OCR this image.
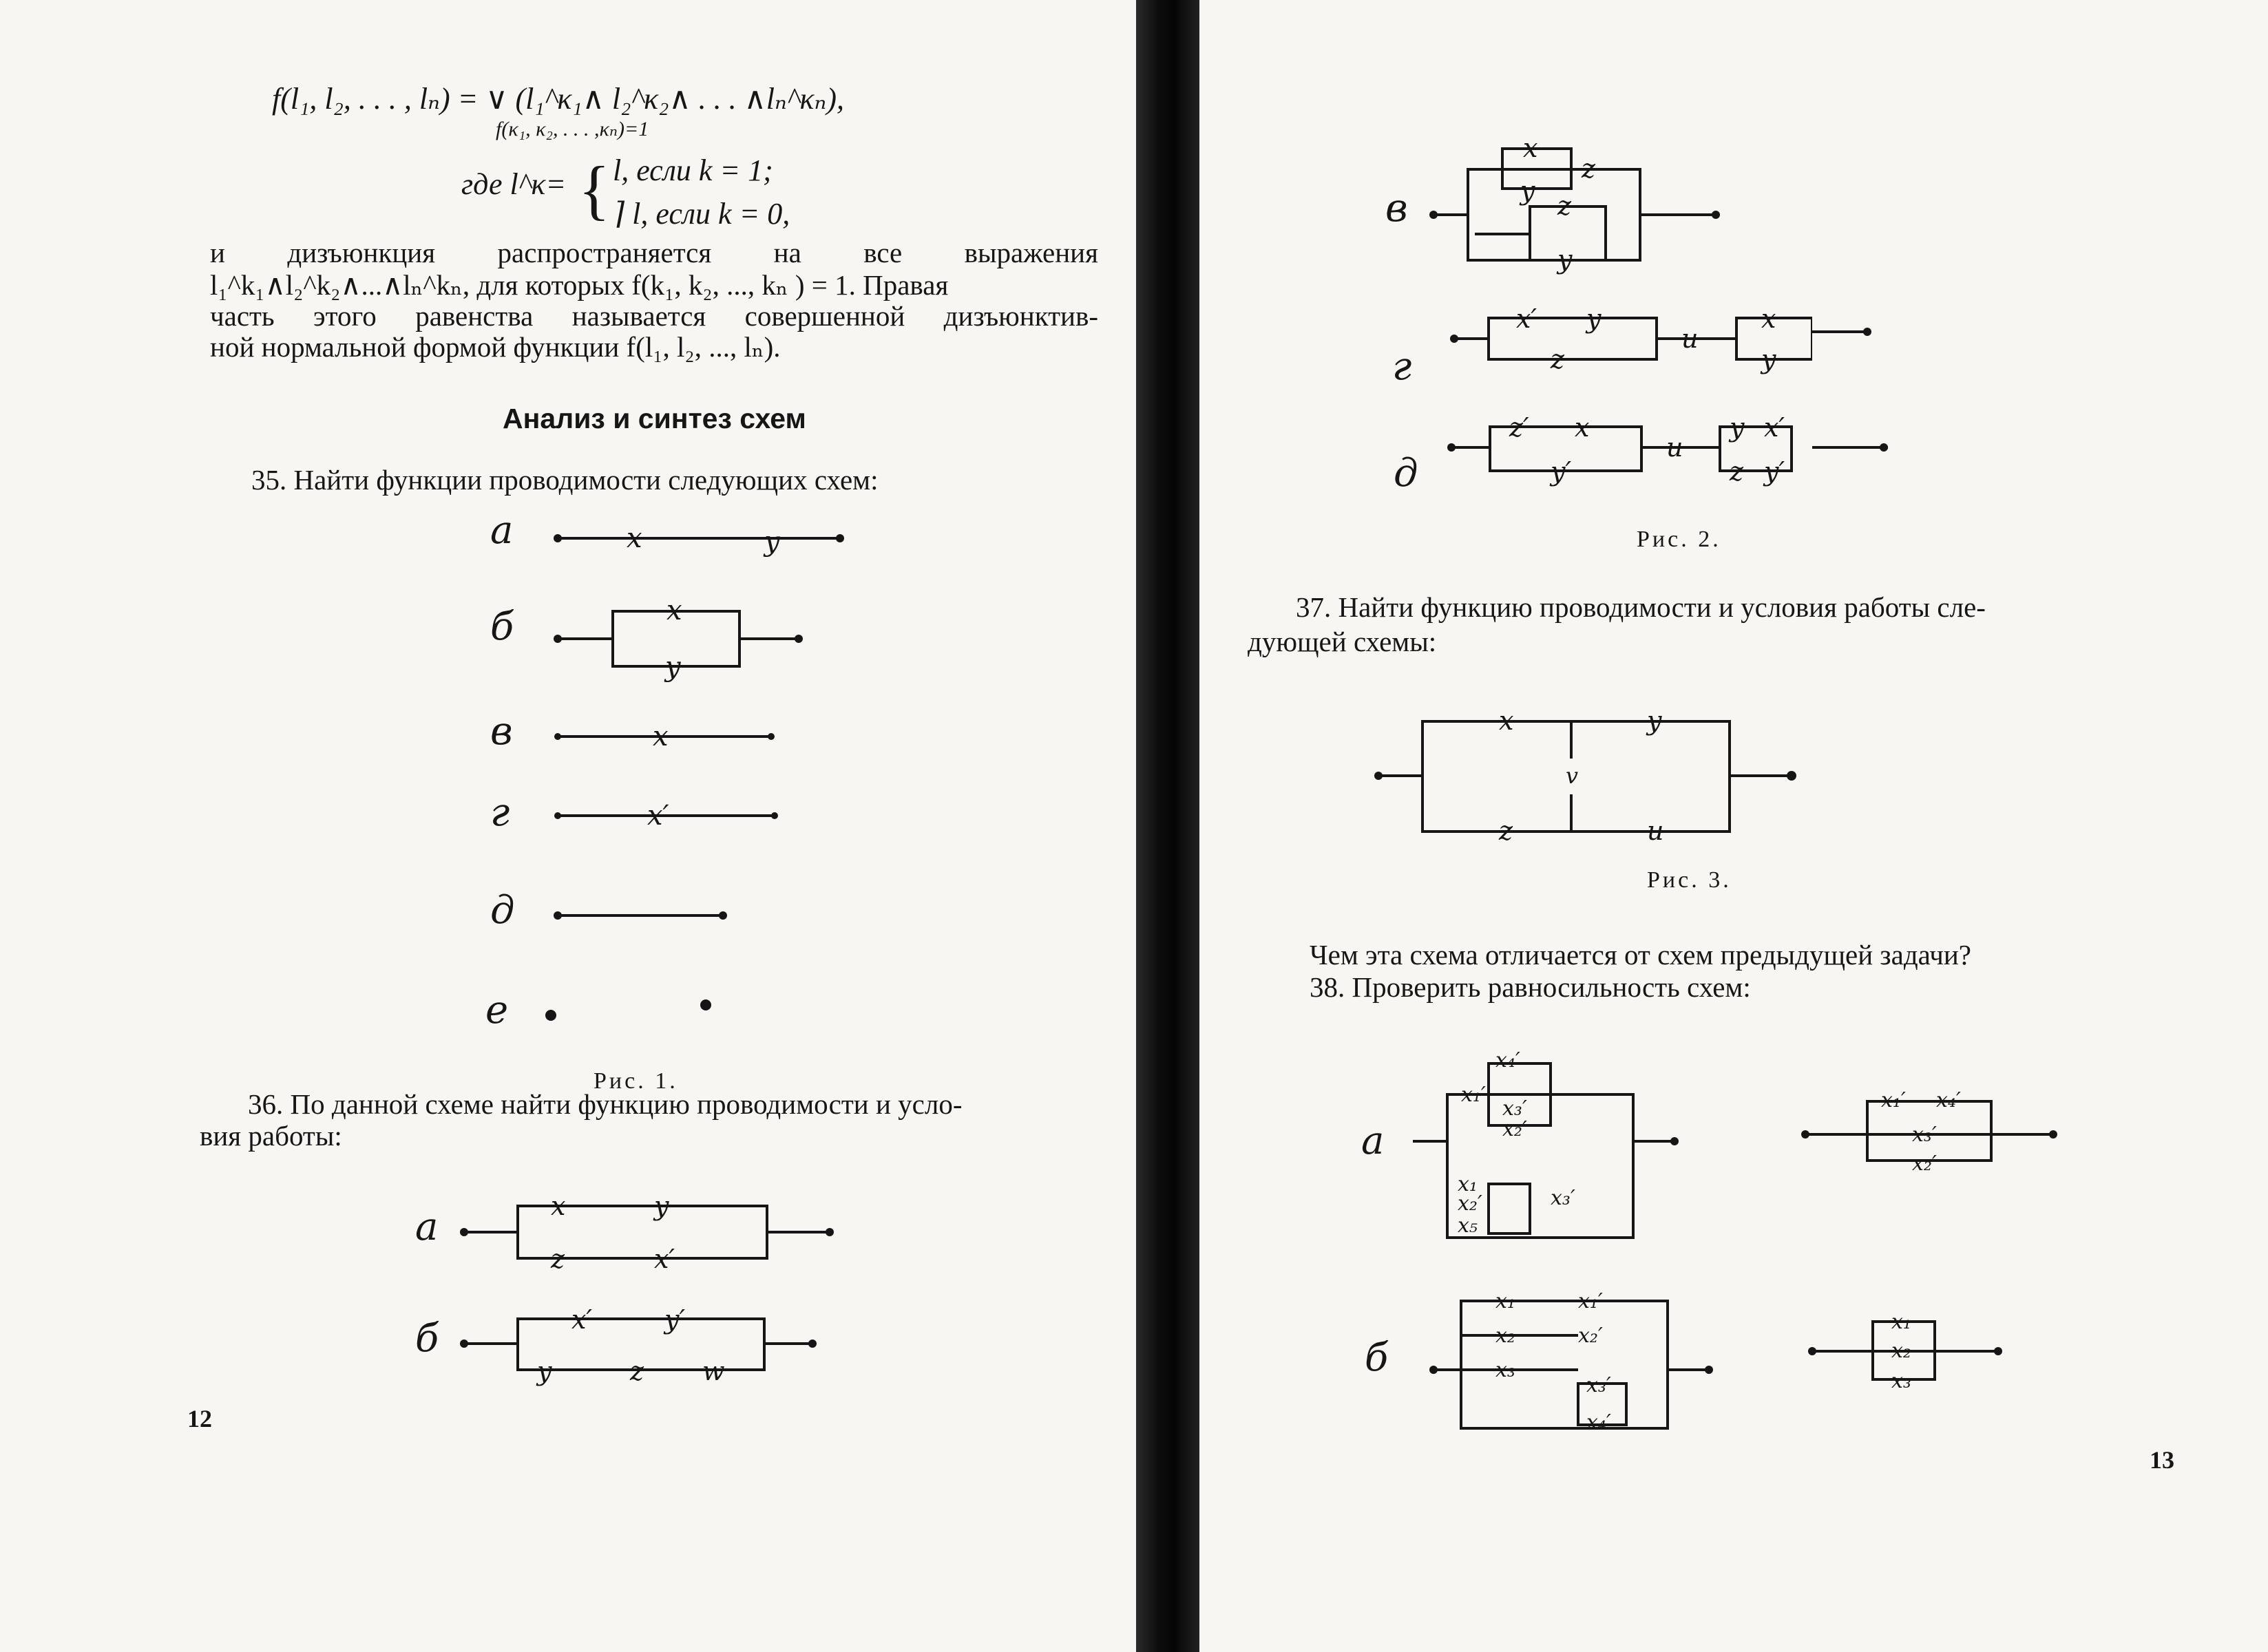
f(l₁, l₂, . . . , lₙ) = ∨ (l₁^κ₁∧ l₂^κ₂∧ . . . ∧lₙ^κₙ),
f(κ₁, κ₂, . . . ,κₙ)=1
где l^κ= { l, если k = 1;
⌉ l, если k = 0,
и дизъюнкция распространяется на все выражения
l₁^k₁∧l₂^k₂∧...∧lₙ^kₙ, для которых f(k₁, k₂, ..., kₙ ) = 1. Правая
часть этого равенства называется совершенной дизъюнктив-
ной нормальной формой функции f(l₁, l₂, ..., lₙ).
Анализ и синтез схем
35. Найти функции проводимости следующих схем:
а
б
в
г
д
е
x	y
x
y
x
x′
Рис. 1.
36. По данной схеме найти функцию проводимости и усло-
вия работы:
а
б
x	y
z	x′
x′	y′
y	z w
12
в
г
д
x
y
z
z
y
x′ y
z
u
x
y
z′ x
y′
u
y x′
z y′
Рис. 2.
37. Найти функцию проводимости и условия работы сле-
дующей схемы:
x	y
v
z	u
Рис. 3.
Чем эта схема отличается от схем предыдущей задачи?
38. Проверить равносильность схем:
а
б
x₄′
x₁′
x₃′
x₂′
x₁
x₂′
x₅
x₃′
x₁	x₁′
x₂	x₂′
x₃
x₃′
x₄′
x₁′ x₄′
x₃′
x₂′
x₁
x₂
x₃
13
